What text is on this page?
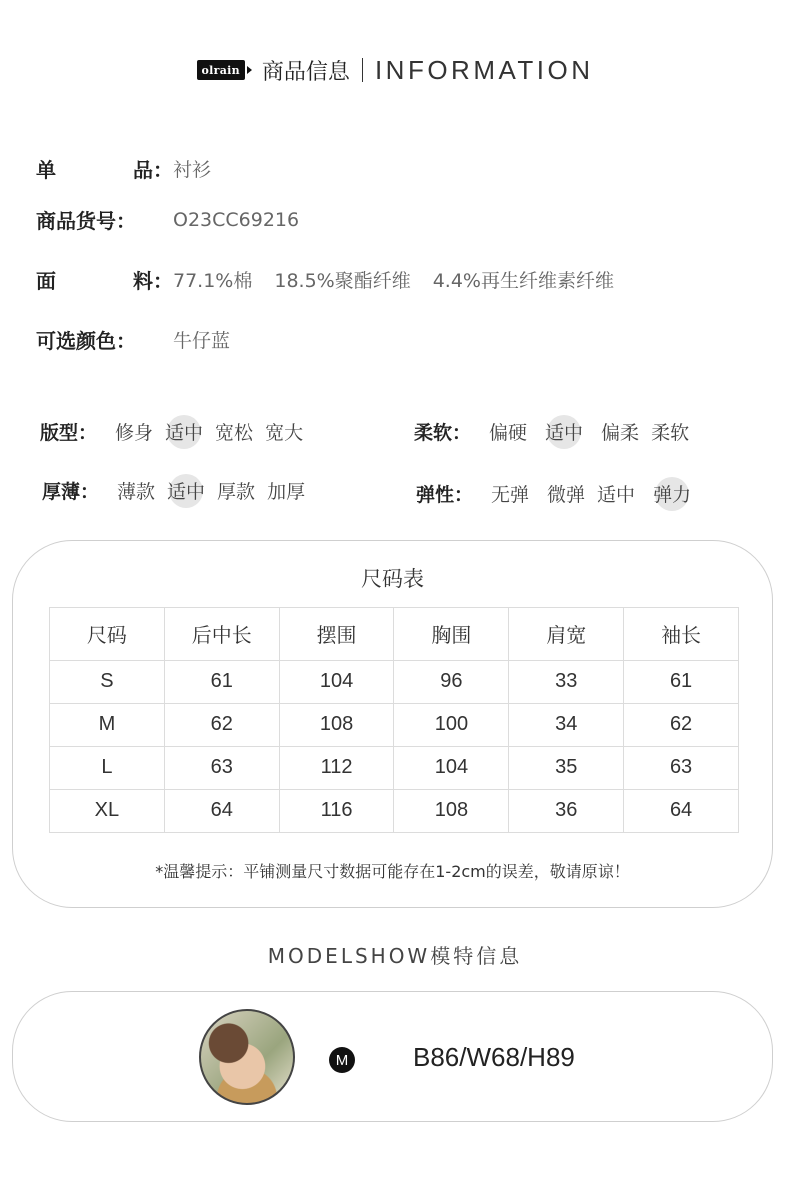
olrain 商品信息 INFORMATION
单	品： 衬衫
商品货号：	O23CC69216
面	料： 77.1%棉 18.5%聚酯纤维 4.4%再生纤维素纤维
可选颜色：	牛仔蓝
版型： 修身 适中 宽松 宽大	柔软： 偏硬 适中 偏柔 柔软
厚薄： 薄款 适中 厚款 加厚	弹性： 无弹 微弹 适中 弹力
尺码表
尺码	后中长	摆围	胸围	肩宽	袖长
S	61	104	96	33	61
M	62	108	100	34	62
L	63	112	104	35	63
XL	64	116	108	36	64
*温馨提示：平铺测量尺寸数据可能存在1-2cm的误差，敬请原谅！
MODELSHOW模特信息
M B86/W68/H89
